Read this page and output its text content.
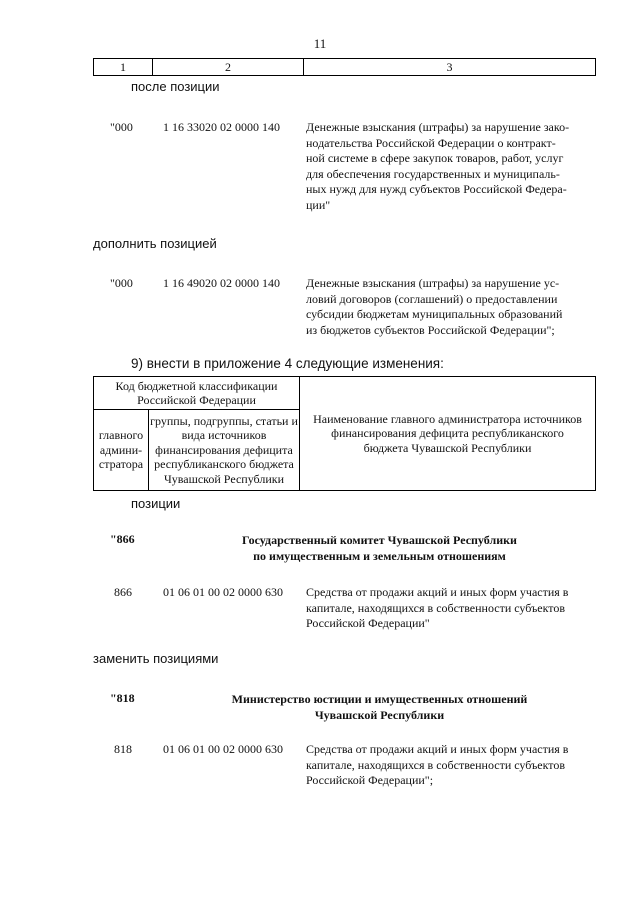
11
1	2	3
после позиции
"000	1 16 33020 02 0000 140 Денежные взыскания (штрафы) за нарушение зако-
нодательства Российской Федерации о контракт-
ной системе в сфере закупок товаров, работ, услуг
для обеспечения государственных и муниципаль-
ных нужд для нужд субъектов Российской Федера-
ции"
дополнить позицией
"000	1 16 49020 02 0000 140 Денежные взыскания (штрафы) за нарушение ус-
ловий договоров (соглашений) о предоставлении
субсидии бюджетам муниципальных образований
из бюджетов субъектов Российской Федерации";
9) внести в приложение 4 следующие изменения:
Код бюджетной классификации Российской Федерации		Наименование главного администратора источников финансирования дефицита республиканского бюджета Чувашской Республики
главного админи- стратора	группы, подгруппы, статьи и вида источников финансирования дефицита республиканского бюджета Чувашской Республики	
позиции
"866	Государственный комитет Чувашской Республики
по имущественным и земельным отношениям
866	01 06 01 00 02 0000 630 Средства от продажи акций и иных форм участия в
капитале, находящихся в собственности субъектов
Российской Федерации"
заменить позициями
"818	Министерство юстиции и имущественных отношений
Чувашской Республики
818	01 06 01 00 02 0000 630 Средства от продажи акций и иных форм участия в
капитале, находящихся в собственности субъектов
Российской Федерации";
